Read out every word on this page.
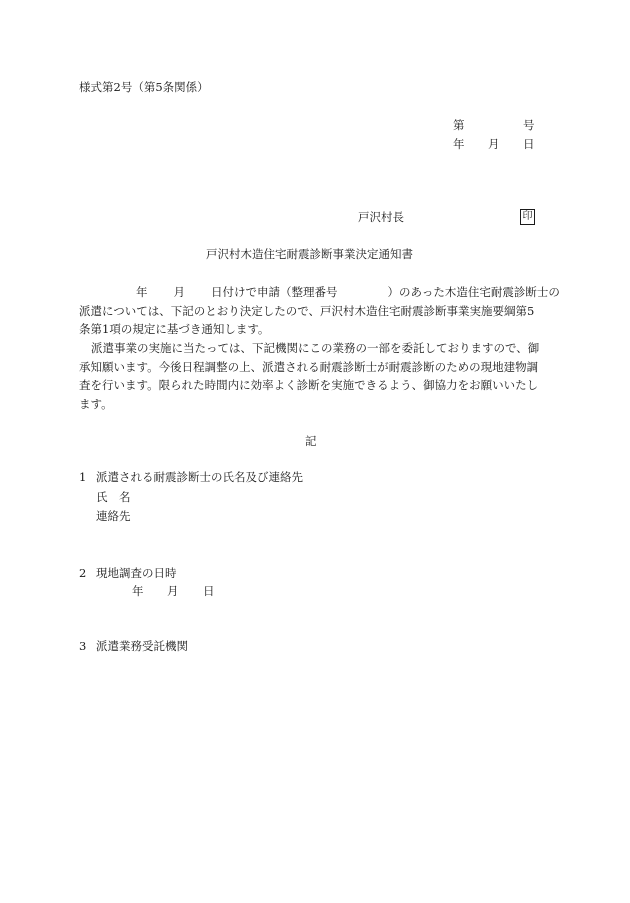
様式第2号（第5条関係）
第	号
年 月 日
戸沢村長	印
戸沢村木造住宅耐震診断事業決定通知書
年 月 日付けで申請（整理番号	）のあった木造住宅耐震診断士の
派遣については、下記のとおり決定したので、戸沢村木造住宅耐震診断事業実施要綱第5
条第1項の規定に基づき通知します。
派遣事業の実施に当たっては、下記機関にこの業務の一部を委託しておりますので、御
承知願います。今後日程調整の上、派遣される耐震診断士が耐震診断のための現地建物調
査を行います。限られた時間内に効率よく診断を実施できるよう、御協力をお願いいたし
ます。
記
1 派遣される耐震診断士の氏名及び連絡先
氏　名
連絡先
2 現地調査の日時
年 月 日
3 派遣業務受託機関
